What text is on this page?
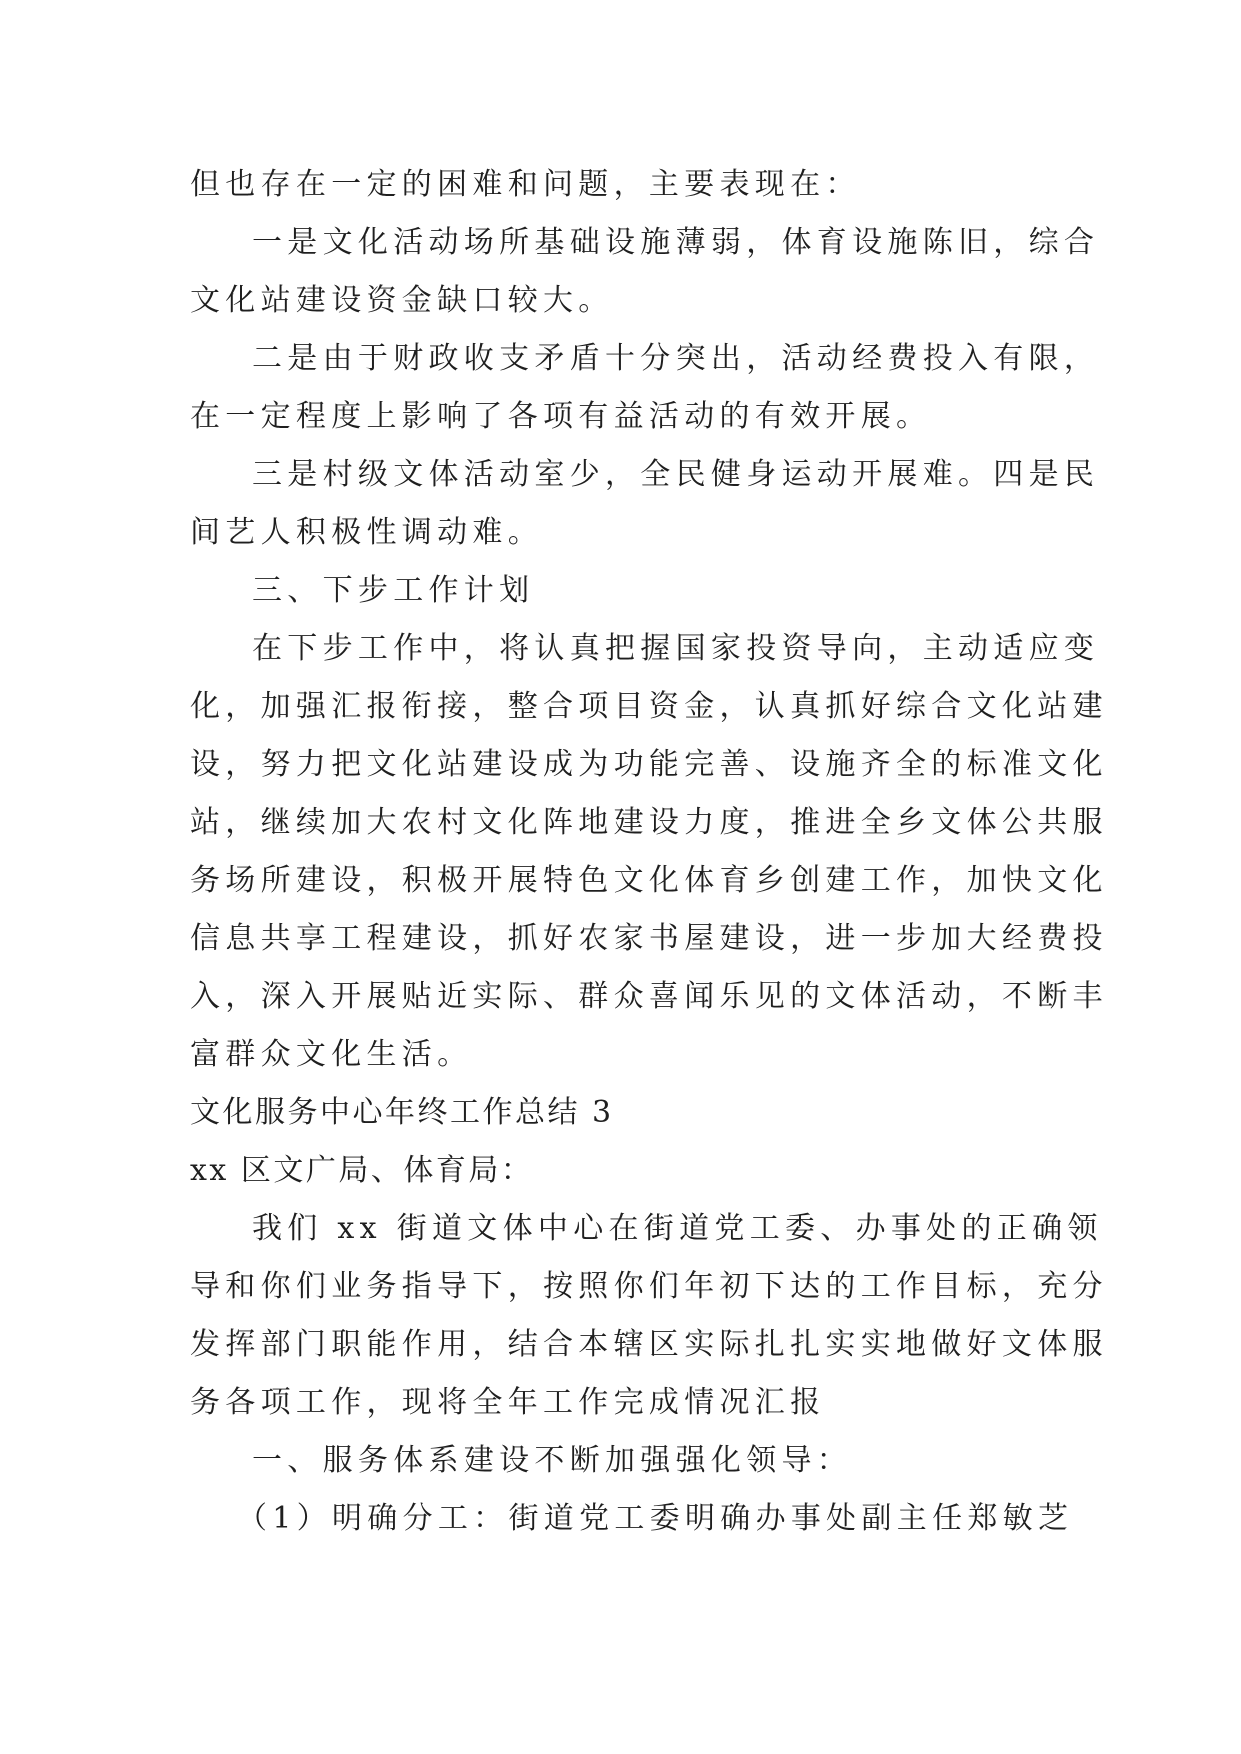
但也存在一定的困难和问题，主要表现在：
一是文化活动场所基础设施薄弱，体育设施陈旧，综合
文化站建设资金缺口较大。
二是由于财政收支矛盾十分突出，活动经费投入有限，
在一定程度上影响了各项有益活动的有效开展。
三是村级文体活动室少，全民健身运动开展难。四是民
间艺人积极性调动难。
三、下步工作计划
在下步工作中，将认真把握国家投资导向，主动适应变
化，加强汇报衔接，整合项目资金，认真抓好综合文化站建
设，努力把文化站建设成为功能完善、设施齐全的标准文化
站，继续加大农村文化阵地建设力度，推进全乡文体公共服
务场所建设，积极开展特色文化体育乡创建工作，加快文化
信息共享工程建设，抓好农家书屋建设，进一步加大经费投
入，深入开展贴近实际、群众喜闻乐见的文体活动，不断丰
富群众文化生活。
文化服务中心年终工作总结 3
xx 区文广局、体育局：
我们 xx 街道文体中心在街道党工委、办事处的正确领
导和你们业务指导下，按照你们年初下达的工作目标，充分
发挥部门职能作用，结合本辖区实际扎扎实实地做好文体服
务各项工作，现将全年工作完成情况汇报
一、服务体系建设不断加强强化领导：
（1）明确分工：街道党工委明确办事处副主任郑敏芝
